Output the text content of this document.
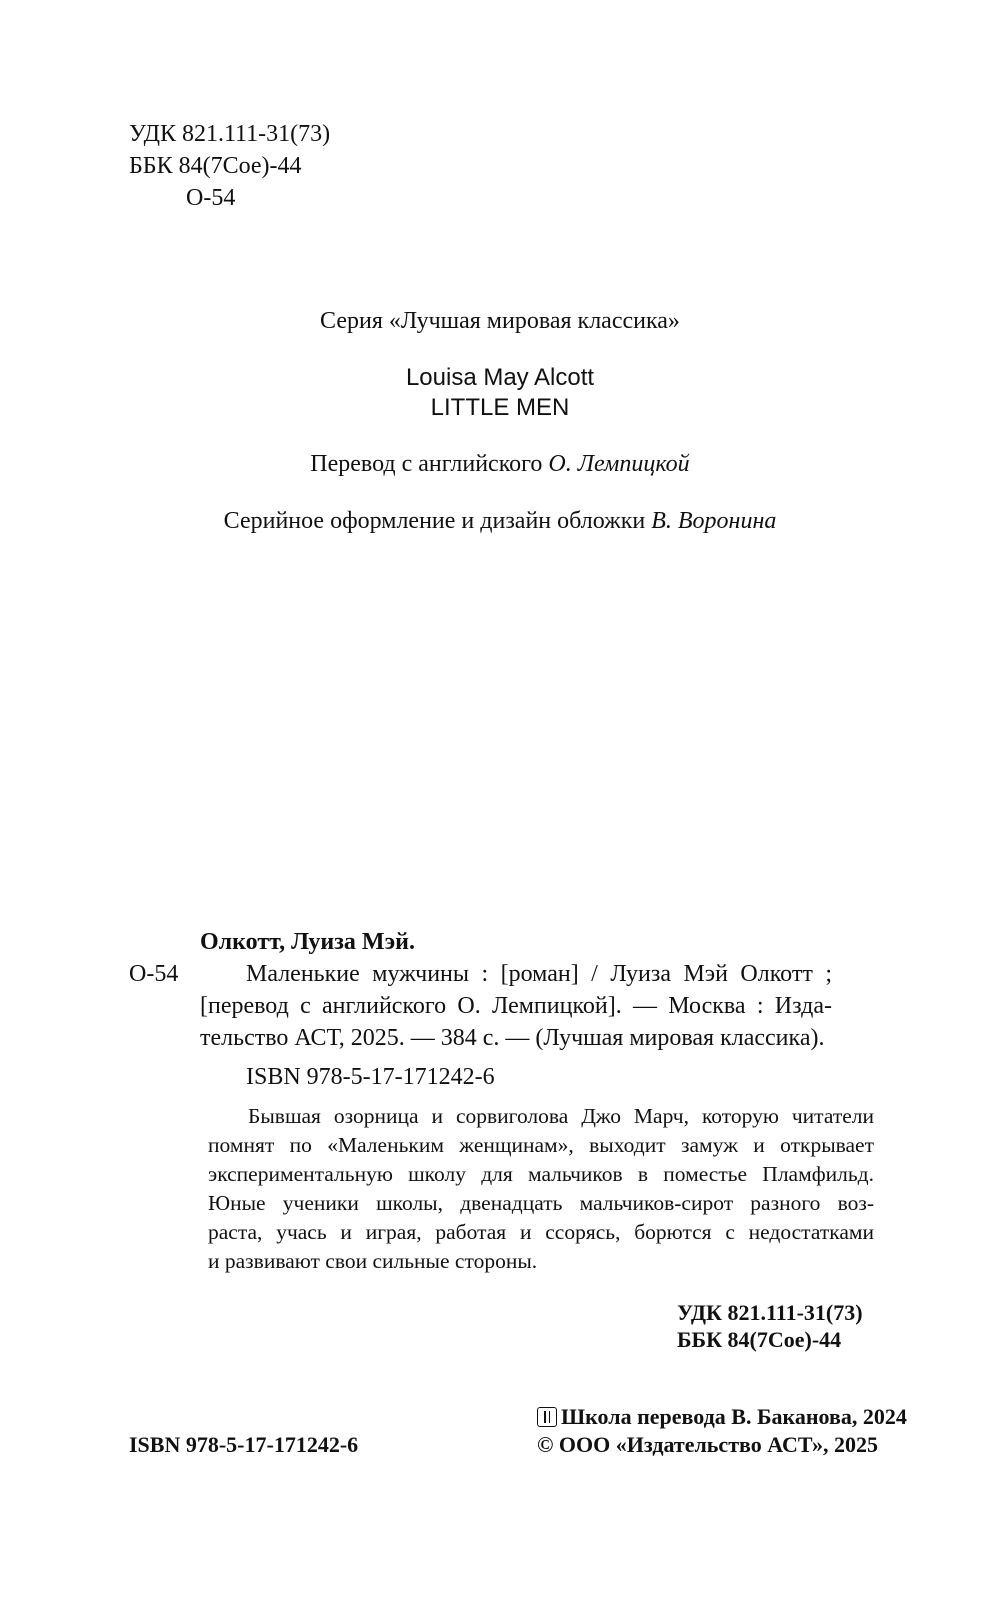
УДК 821.111-31(73)
ББК 84(7Сое)-44
О-54
Серия «Лучшая мировая классика»
Louisa May Alcott
LITTLE MEN
Перевод с английского О. Лемпицкой
Серийное оформление и дизайн обложки В. Воронина
Олкотт, Луиза Мэй.
О-54	Маленькие мужчины : [роман] / Луиза Мэй Олкотт ;
[перевод с английского О. Лемпицкой]. — Москва : Изда-
тельство АСТ, 2025. — 384 с. — (Лучшая мировая классика).
ISBN 978-5-17-171242-6
Бывшая озорница и сорвиголова Джо Марч, которую читатели
помнят по «Маленьким женщинам», выходит замуж и открывает
экспериментальную школу для мальчиков в поместье Пламфильд.
Юные ученики школы, двенадцать мальчиков-сирот разного воз-
раста, учась и играя, работая и ссорясь, борются с недостатками
и развивают свои сильные стороны.
УДК 821.111-31(73)
ББК 84(7Сое)-44
ISBN 978-5-17-171242-6
Школа перевода В. Баканова, 2024
© ООО «Издательство АСТ», 2025
